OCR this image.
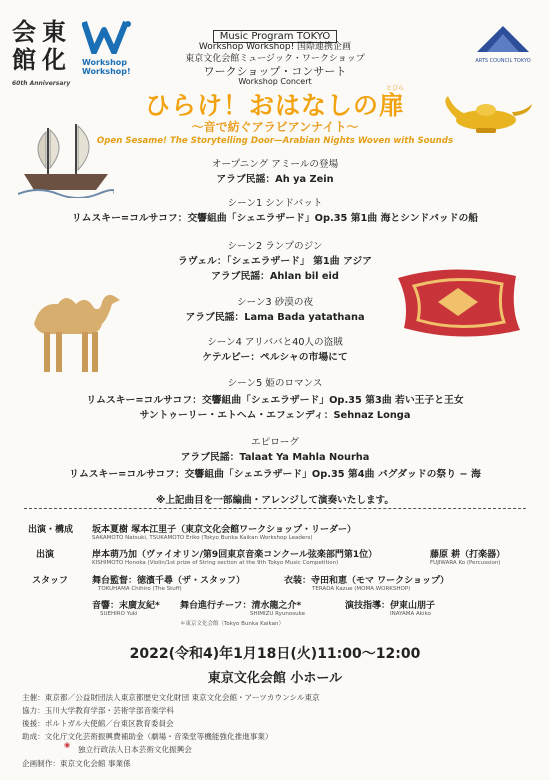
会 東
館 化
60th Anniversary
Workshop
Workshop!
ARTS COUNCIL TOKYO
Music Program TOKYO
Workshop Workshop! 国際連携企画
東京文化会館ミュージック・ワークショップ
ワークショップ・コンサート
Workshop Concert
とびら
ひらけ！おはなしの扉
〜音で紡ぐアラビアンナイト〜
Open Sesame! The Storytelling Door—Arabian Nights Woven with Sounds
オープニング アミールの登場
アラブ民謡：Ah ya Zein
シーン1 シンドバット
リムスキー=コルサコフ：交響組曲「シェエラザード」Op.35 第1曲 海とシンドバッドの船
シーン2 ランプのジン
ラヴェル：「シェエラザード」 第1曲 アジア
アラブ民謡：Ahlan bil eid
シーン3 砂漠の夜
アラブ民謡：Lama Bada yatathana
シーン4 アリババと40人の盗賊
ケテルビー：ペルシャの市場にて
シーン5 姫のロマンス
リムスキー=コルサコフ：交響組曲「シェエラザード」Op.35 第3曲 若い王子と王女
サントゥーリー・エトヘム・エフェンディ：Sehnaz Longa
エピローグ
アラブ民謡：Talaat Ya Mahla Nourha
リムスキー=コルサコフ：交響組曲「シェエラザード」Op.35 第4曲 バグダッドの祭り − 海
※上記曲目を一部編曲・アレンジして演奏いたします。
出演・構成 坂本夏樹 塚本江里子（東京文化会館ワークショップ・リーダー）
SAKAMOTO Natsuki, TSUKAMOTO Eriko (Tokyo Bunka Kaikan Workshop Leaders)
出演	岸本萌乃加（ヴァイオリン/第9回東京音楽コンクール弦楽部門第1位）
KISHIMOTO Honoka (Violin/1st prize of String section at the 9th Tokyo Music Competition)
藤原 耕（打楽器）
FUJIWARA Ko (Percussion)
スタッフ	舞台監督：徳濱千尋（ザ・スタッフ）
TOKUHAMA Chihiro (The Stuff)
衣装：寺田和恵（モマ ワークショップ）
TERADA Kazue (MOMA WORKSHOP)
音響：末廣友紀*
SUEHIRO Yuki
舞台進行チーフ：清水龍之介*
SHIMIZU Ryunosuke
演技指導：伊東山朋子
INAYAMA Akiko
＊東京文化会館（Tokyo Bunka Kaikan）
2022(令和4)年1月18日(火)11:00〜12:00
東京文化会館 小ホール
主催：東京都／公益財団法人東京都歴史文化財団 東京文化会館・アーツカウンシル東京
協力：玉川大学教育学部・芸術学部音楽学科
後援：ポルトガル大使館／台東区教育委員会
助成：文化庁文化芸術振興費補助金（劇場・音楽堂等機能強化推進事業）
◉ 独立行政法人日本芸術文化振興会
企画制作：東京文化会館 事業係
